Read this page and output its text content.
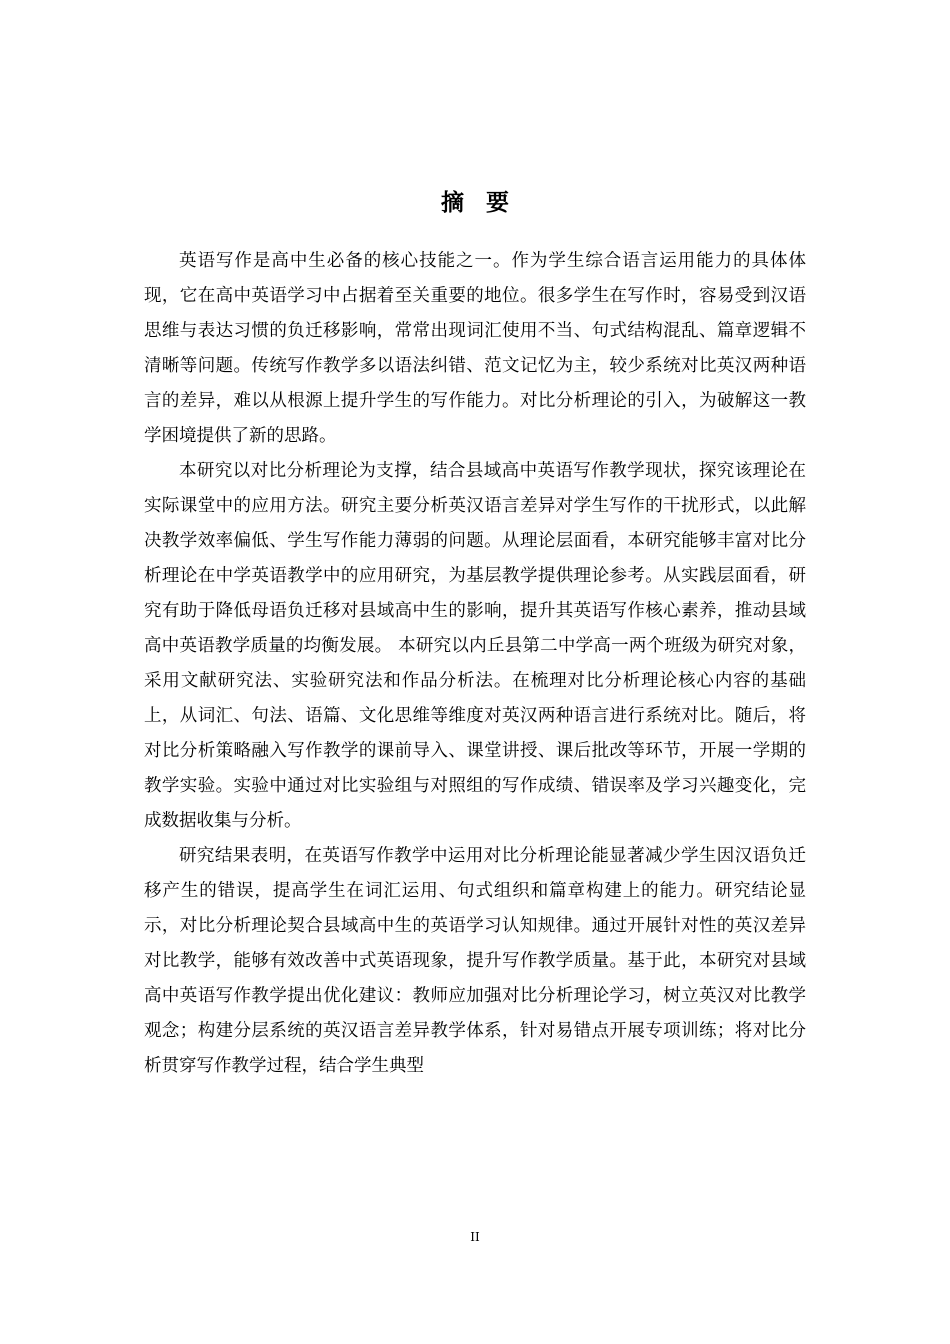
摘 要

英语写作是高中生必备的核心技能之一。作为学生综合语言运用能力的具体体现，它在高中英语学习中占据着至关重要的地位。很多学生在写作时，容易受到汉语思维与表达习惯的负迁移影响，常常出现词汇使用不当、句式结构混乱、篇章逻辑不清晰等问题。传统写作教学多以语法纠错、范文记忆为主，较少系统对比英汉两种语言的差异，难以从根源上提升学生的写作能力。对比分析理论的引入，为破解这一教学困境提供了新的思路。

本研究以对比分析理论为支撑，结合县域高中英语写作教学现状，探究该理论在实际课堂中的应用方法。研究主要分析英汉语言差异对学生写作的干扰形式，以此解决教学效率偏低、学生写作能力薄弱的问题。从理论层面看，本研究能够丰富对比分析理论在中学英语教学中的应用研究，为基层教学提供理论参考。从实践层面看，研究有助于降低母语负迁移对县域高中生的影响，提升其英语写作核心素养，推动县域高中英语教学质量的均衡发展。 本研究以内丘县第二中学高一两个班级为研究对象，采用文献研究法、实验研究法和作品分析法。在梳理对比分析理论核心内容的基础上，从词汇、句法、语篇、文化思维等维度对英汉两种语言进行系统对比。随后，将对比分析策略融入写作教学的课前导入、课堂讲授、课后批改等环节，开展一学期的教学实验。实验中通过对比实验组与对照组的写作成绩、错误率及学习兴趣变化，完成数据收集与分析。

研究结果表明，在英语写作教学中运用对比分析理论能显著减少学生因汉语负迁移产生的错误，提高学生在词汇运用、句式组织和篇章构建上的能力。研究结论显示，对比分析理论契合县域高中生的英语学习认知规律。通过开展针对性的英汉差异对比教学，能够有效改善中式英语现象，提升写作教学质量。基于此，本研究对县域高中英语写作教学提出优化建议：教师应加强对比分析理论学习，树立英汉对比教学观念；构建分层系统的英汉语言差异教学体系，针对易错点开展专项训练；将对比分析贯穿写作教学过程，结合学生典型

II
